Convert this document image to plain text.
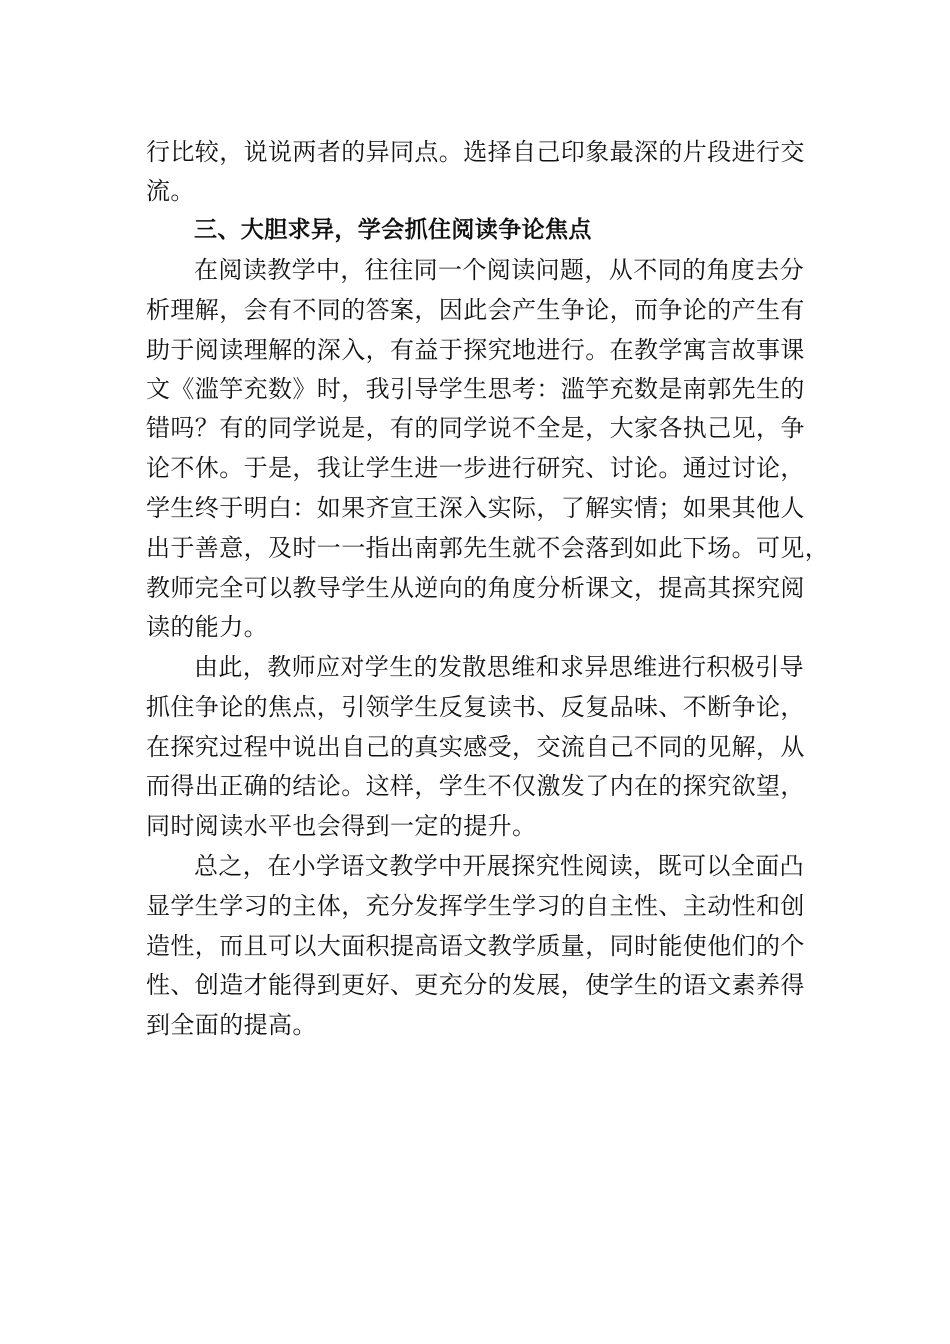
行比较，说说两者的异同点。选择自己印象最深的片段进行交
流。
三、大胆求异，学会抓住阅读争论焦点
在阅读教学中，往往同一个阅读问题，从不同的角度去分
析理解，会有不同的答案，因此会产生争论，而争论的产生有
助于阅读理解的深入，有益于探究地进行。在教学寓言故事课
文《滥竽充数》时，我引导学生思考：滥竽充数是南郭先生的
错吗？有的同学说是，有的同学说不全是，大家各执己见，争
论不休。于是，我让学生进一步进行研究、讨论。通过讨论，
学生终于明白：如果齐宣王深入实际，了解实情；如果其他人
出于善意，及时一一指出南郭先生就不会落到如此下场。可见，
教师完全可以教导学生从逆向的角度分析课文，提高其探究阅
读的能力。
由此，教师应对学生的发散思维和求异思维进行积极引导
抓住争论的焦点，引领学生反复读书、反复品味、不断争论，
在探究过程中说出自己的真实感受，交流自己不同的见解，从
而得出正确的结论。这样，学生不仅激发了内在的探究欲望，
同时阅读水平也会得到一定的提升。
总之，在小学语文教学中开展探究性阅读，既可以全面凸
显学生学习的主体，充分发挥学生学习的自主性、主动性和创
造性，而且可以大面积提高语文教学质量，同时能使他们的个
性、创造才能得到更好、更充分的发展，使学生的语文素养得
到全面的提高。
